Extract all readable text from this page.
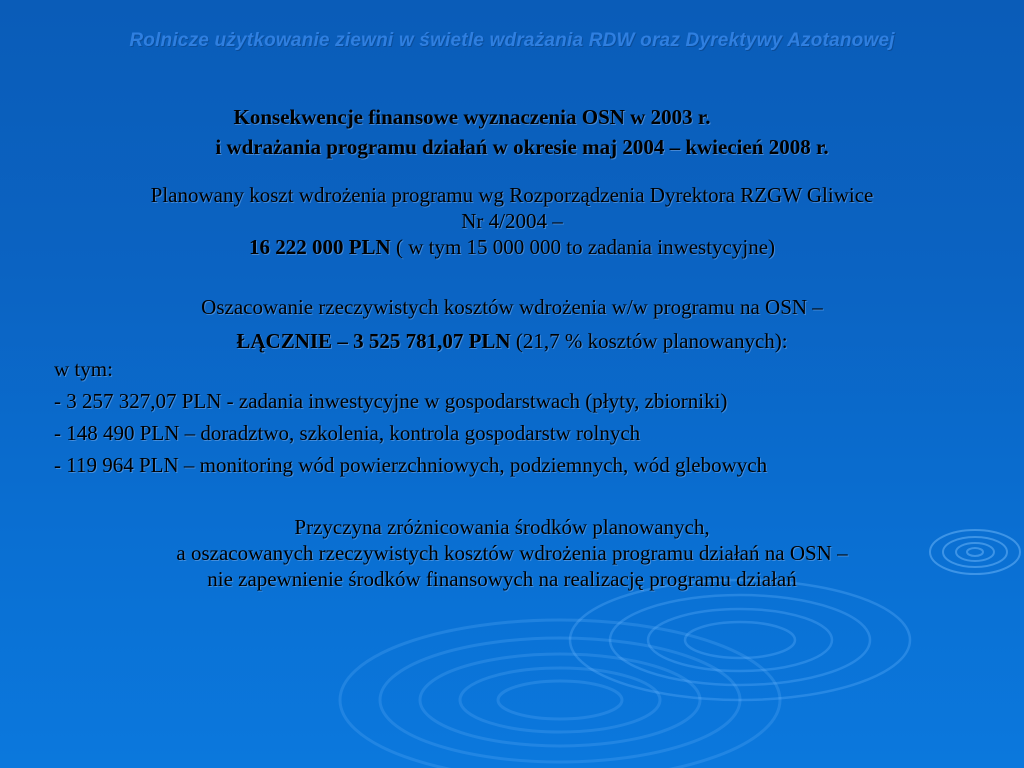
Rolnicze użytkowanie ziewni w świetle wdrażania RDW oraz Dyrektywy Azotanowej
Konsekwencje finansowe wyznaczenia OSN w 2003 r.
i wdrażania programu działań w okresie maj 2004 – kwiecień 2008 r.
Planowany koszt wdrożenia programu wg Rozporządzenia Dyrektora RZGW Gliwice
Nr 4/2004 –
16 222 000 PLN ( w tym 15 000 000 to zadania inwestycyjne)
Oszacowanie rzeczywistych kosztów wdrożenia w/w programu na OSN –
ŁĄCZNIE – 3 525 781,07 PLN (21,7 % kosztów planowanych):
w tym:
- 3 257 327,07 PLN - zadania inwestycyjne w gospodarstwach (płyty, zbiorniki)
- 148 490 PLN – doradztwo, szkolenia, kontrola gospodarstw rolnych
- 119 964 PLN – monitoring wód powierzchniowych, podziemnych, wód glebowych
Przyczyna zróżnicowania środków planowanych,
a oszacowanych rzeczywistych kosztów wdrożenia programu działań na OSN –
nie zapewnienie środków finansowych na realizację programu działań
